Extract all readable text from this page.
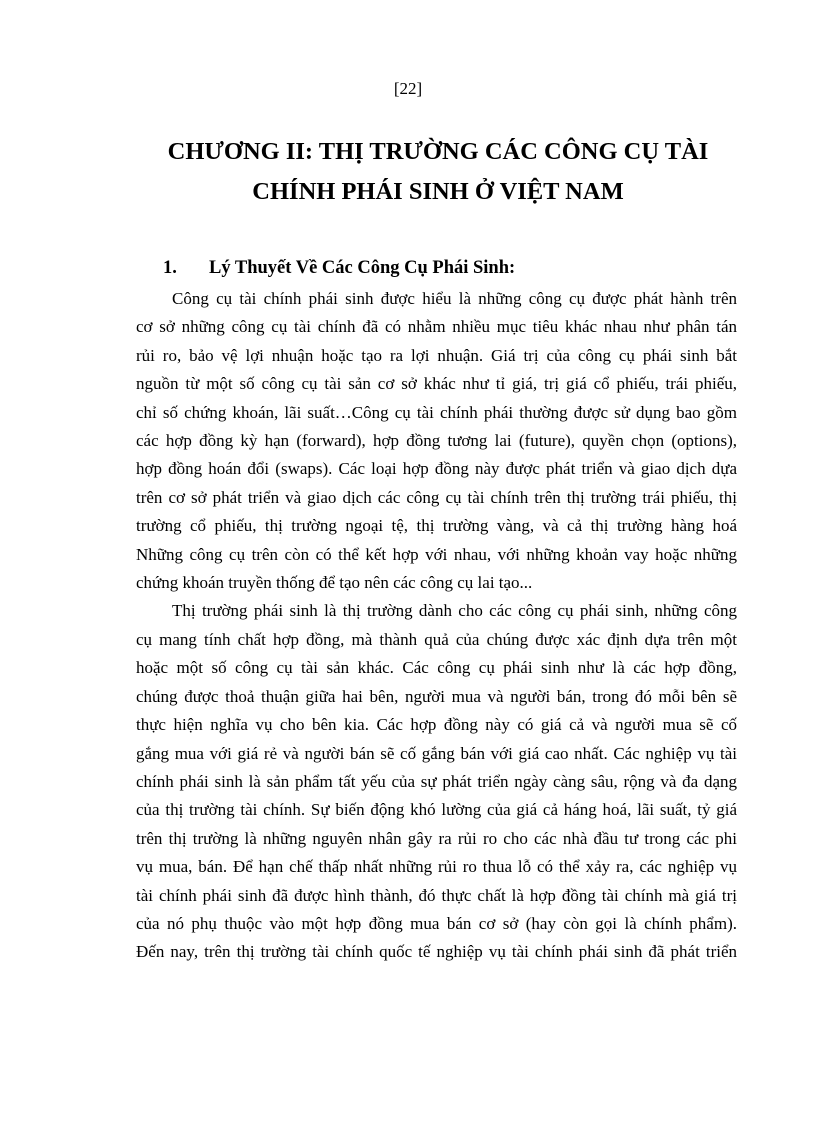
[22]
CHƯƠNG II: THỊ TRƯỜNG CÁC CÔNG CỤ TÀI
CHÍNH PHÁI SINH Ở VIỆT NAM
1. Lý Thuyết Về Các Công Cụ Phái Sinh:

Công cụ tài chính phái sinh được hiểu là những công cụ được phát hành trên
cơ sở những công cụ tài chính đã có nhằm nhiều mục tiêu khác nhau như phân tán
rủi ro, bảo vệ lợi nhuận hoặc tạo ra lợi nhuận. Giá trị của công cụ phái sinh bắt
nguồn từ một số công cụ tài sản cơ sở khác như tỉ giá, trị giá cổ phiếu, trái phiếu,
chỉ số chứng khoán, lãi suất…Công cụ tài chính phái thường được sử dụng bao gồm
các hợp đồng kỳ hạn (forward), hợp đồng tương lai (future), quyền chọn (options),
hợp đồng hoán đổi (swaps). Các loại hợp đồng này được phát triển và giao dịch dựa
trên cơ sở phát triển và giao dịch các công cụ tài chính trên thị trường trái phiếu, thị
trường cổ phiếu, thị trường ngoại tệ, thị trường vàng, và cả thị trường hàng hoá
Những công cụ trên còn có thể kết hợp với nhau, với những khoản vay hoặc những
chứng khoán truyền thống để tạo nên các công cụ lai tạo...

Thị trường phái sinh là thị trường dành cho các công cụ phái sinh, những công
cụ mang tính chất hợp đồng, mà thành quả của chúng được xác định dựa trên một
hoặc một số công cụ tài sản khác. Các công cụ phái sinh như là các hợp đồng,
chúng được thoả thuận giữa hai bên, người mua và người bán, trong đó mỗi bên sẽ
thực hiện nghĩa vụ cho bên kia. Các hợp đồng này có giá cả và người mua sẽ cố
gắng mua với giá rẻ và người bán sẽ cố gắng bán với giá cao nhất. Các nghiệp vụ tài
chính phái sinh là sản phẩm tất yếu của sự phát triển ngày càng sâu, rộng và đa dạng
của thị trường tài chính. Sự biến động khó lường của giá cả háng hoá, lãi suất, tỷ giá
trên thị trường là những nguyên nhân gây ra rủi ro cho các nhà đầu tư trong các phi
vụ mua, bán. Để hạn chế thấp nhất những rủi ro thua lỗ có thể xảy ra, các nghiệp vụ
tài chính phái sinh đã được hình thành, đó thực chất là hợp đồng tài chính mà giá trị
của nó phụ thuộc vào một hợp đồng mua bán cơ sở (hay còn gọi là chính phẩm).
Đến nay, trên thị trường tài chính quốc tế nghiệp vụ tài chính phái sinh đã phát triển
